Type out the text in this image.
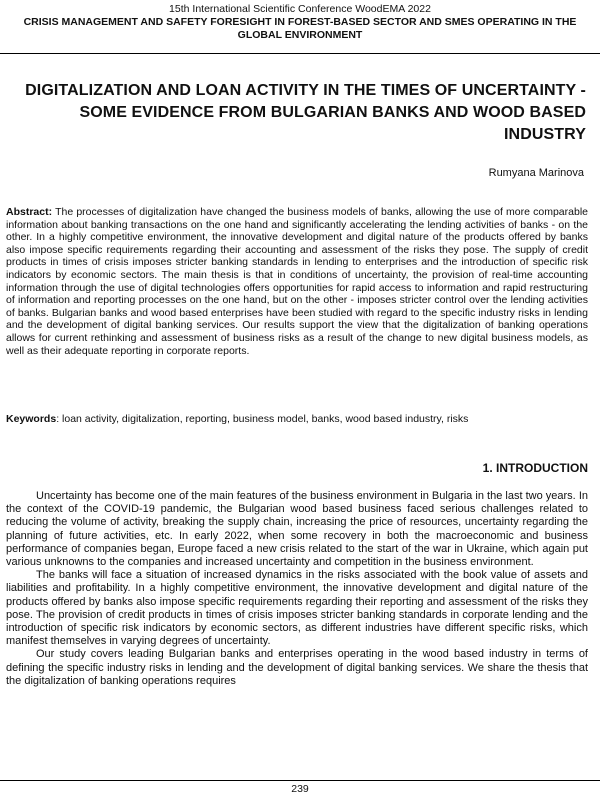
15th International Scientific Conference WoodEMA 2022
CRISIS MANAGEMENT AND SAFETY FORESIGHT IN FOREST-BASED SECTOR AND SMES OPERATING IN THE GLOBAL ENVIRONMENT
DIGITALIZATION AND LOAN ACTIVITY IN THE TIMES OF UNCERTAINTY - SOME EVIDENCE FROM BULGARIAN BANKS AND WOOD BASED INDUSTRY
Rumyana Marinova
Abstract: The processes of digitalization have changed the business models of banks, allowing the use of more comparable information about banking transactions on the one hand and significantly accelerating the lending activities of banks - on the other. In a highly competitive environment, the innovative development and digital nature of the products offered by banks also impose specific requirements regarding their accounting and assessment of the risks they pose. The supply of credit products in times of crisis imposes stricter banking standards in lending to enterprises and the introduction of specific risk indicators by economic sectors. The main thesis is that in conditions of uncertainty, the provision of real-time accounting information through the use of digital technologies offers opportunities for rapid access to information and rapid restructuring of information and reporting processes on the one hand, but on the other - imposes stricter control over the lending activities of banks. Bulgarian banks and wood based enterprises have been studied with regard to the specific industry risks in lending and the development of digital banking services. Our results support the view that the digitalization of banking operations allows for current rethinking and assessment of business risks as a result of the change to new digital business models, as well as their adequate reporting in corporate reports.
Keywords: loan activity, digitalization, reporting, business model, banks, wood based industry, risks
1. INTRODUCTION

Uncertainty has become one of the main features of the business environment in Bulgaria in the last two years. In the context of the COVID-19 pandemic, the Bulgarian wood based business faced serious challenges related to reducing the volume of activity, breaking the supply chain, increasing the price of resources, uncertainty regarding the planning of future activities, etc. In early 2022, when some recovery in both the macroeconomic and business performance of companies began, Europe faced a new crisis related to the start of the war in Ukraine, which again put various unknowns to the companies and increased uncertainty and competition in the business environment.

The banks will face a situation of increased dynamics in the risks associated with the book value of assets and liabilities and profitability. In a highly competitive environment, the innovative development and digital nature of the products offered by banks also impose specific requirements regarding their reporting and assessment of the risks they pose. The provision of credit products in times of crisis imposes stricter banking standards in corporate lending and the introduction of specific risk indicators by economic sectors, as different industries have different specific risks, which manifest themselves in varying degrees of uncertainty.

Our study covers leading Bulgarian banks and enterprises operating in the wood based industry in terms of defining the specific industry risks in lending and the development of digital banking services. We share the thesis that the digitalization of banking operations requires

239
